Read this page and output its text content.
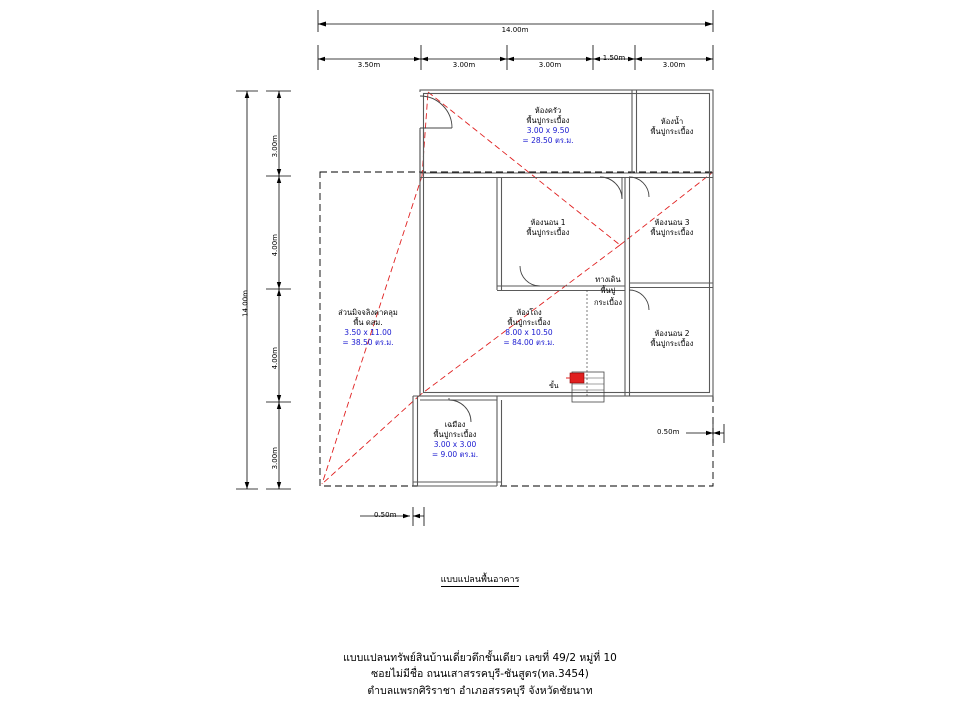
14.00m
3.50m	3.00m	3.00m
1.50m
3.00m
14.00m
3.00m
4.00m
4.00m
3.00m
0.50m
0.50m
ห้องครัว
พื้นปูกระเบื้อง
3.00 x 9.50
= 28.50 ตร.ม.
ห้องน้ำ
พื้นปูกระเบื้อง
ห้องนอน 1
พื้นปูกระเบื้อง
ห้องนอน 3
พื้นปูกระเบื้อง
ห้องนอน 2
พื้นปูกระเบื้อง
ห้องโถง
พื้นปูกระเบื้อง
8.00 x 10.50
= 84.00 ตร.ม.
ทางเดิน
พื้นปู
กระเบื้อง
ส่วนมิจจลิงคาคลุม
พื้น ดสม.
3.50 x 11.00
= 38.50 ตร.ม.
เฉมือง
พื้นปูกระเบื้อง
3.00 x 3.00
= 9.00 ตร.ม.
ขั้น
แบบแปลนพื้นอาคาร
แบบแปลนทรัพย์สินบ้านเดี่ยวตึกชั้นเดียว เลขที่ 49/2 หมู่ที่ 10
ซอยไม่มีชื่อ ถนนเสาสรรคบุรี-ชันสูตร(ทล.3454)
ตำบลแพรกศิริราชา อำเภอสรรคบุรี จังหวัดชัยนาท
